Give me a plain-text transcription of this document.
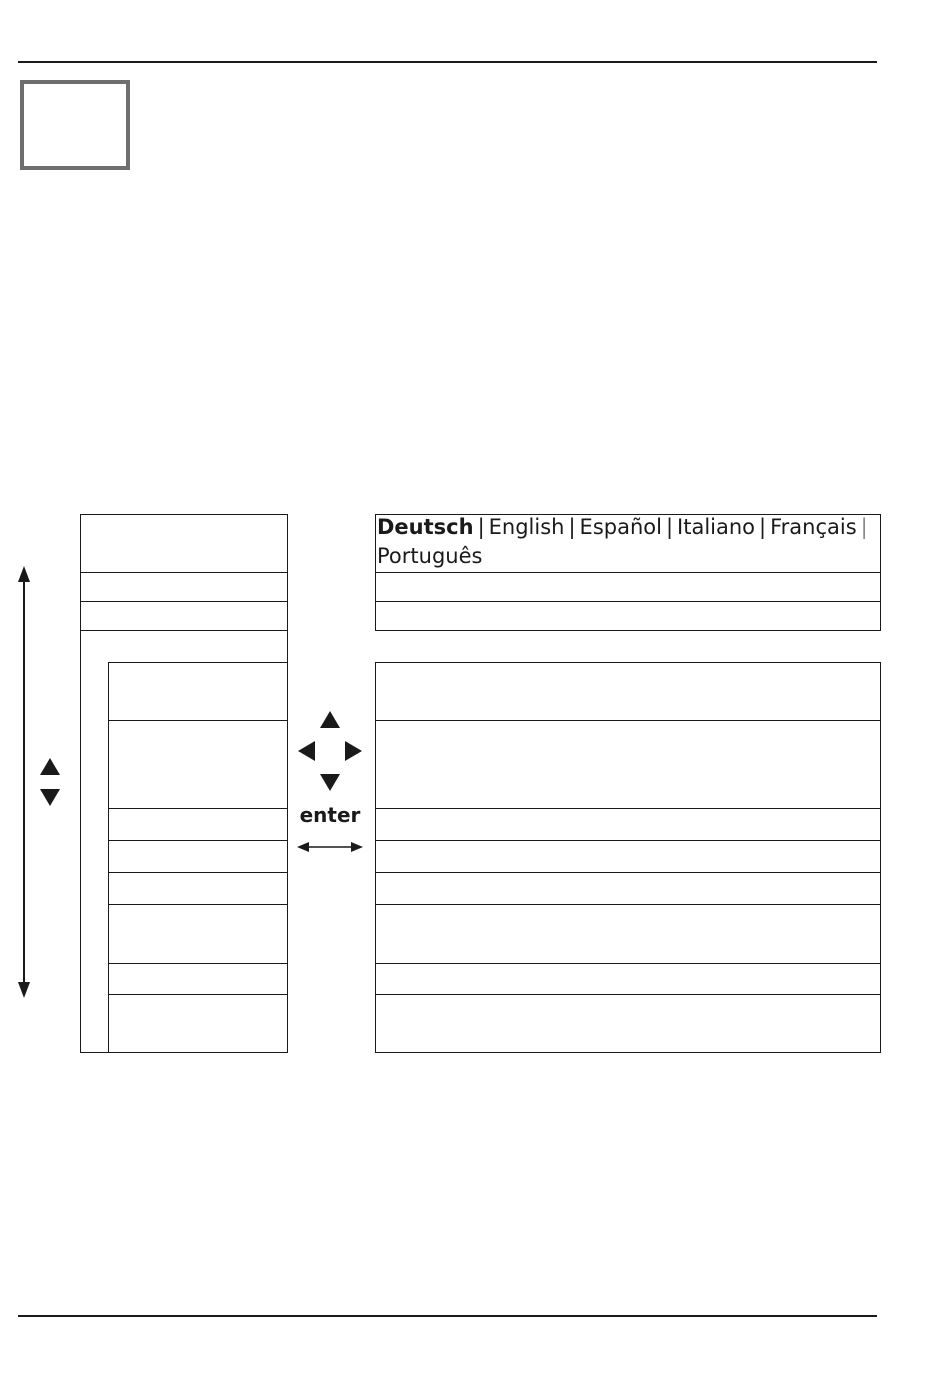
Deutsch | English | Español | Italiano | Français |
Português
enter
